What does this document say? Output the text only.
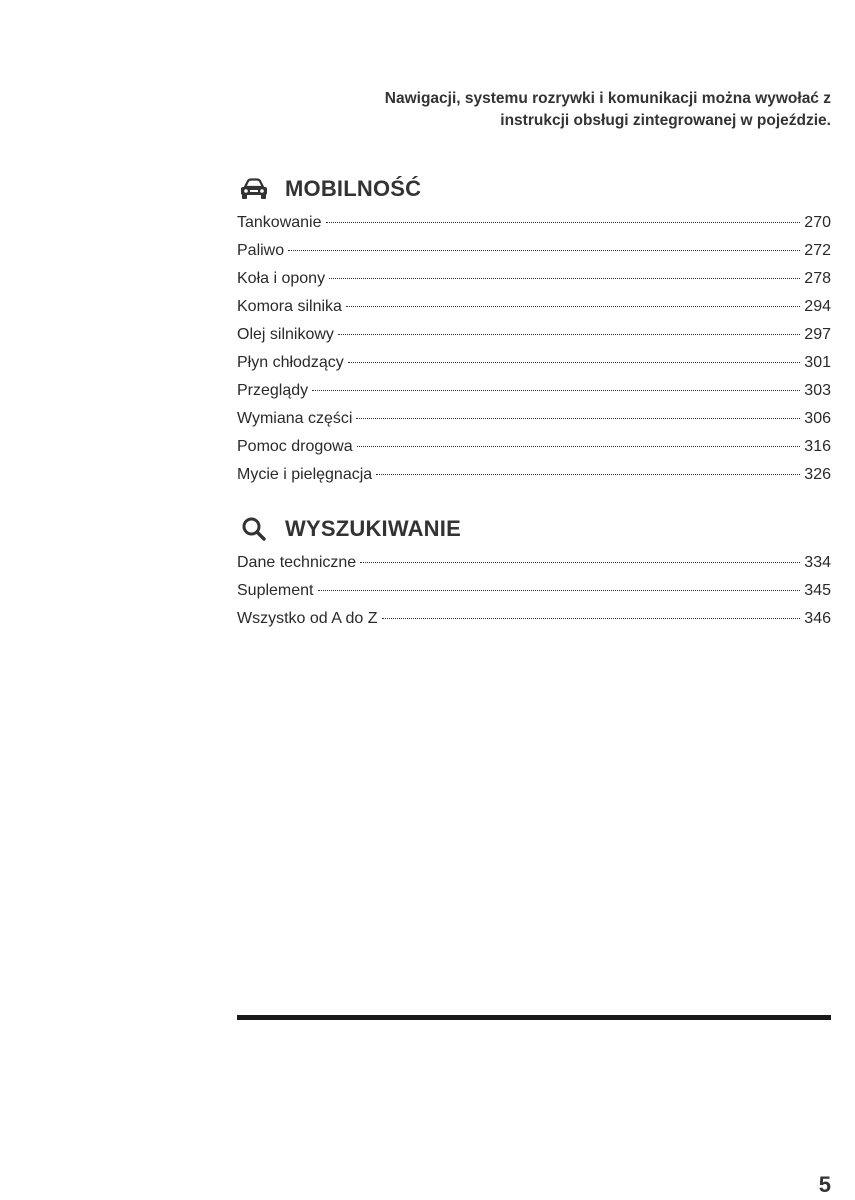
Nawigacji, systemu rozrywki i komunikacji można wywołać z
instrukcji obsługi zintegrowanej w pojeździe.
MOBILNOŚĆ
Tankowanie	270
Paliwo	272
Koła i opony	278
Komora silnika	294
Olej silnikowy	297
Płyn chłodzący	301
Przeglądy	303
Wymiana części	306
Pomoc drogowa	316
Mycie i pielęgnacja	326
WYSZUKIWANIE
Dane techniczne	334
Suplement	345
Wszystko od A do Z	346
5
